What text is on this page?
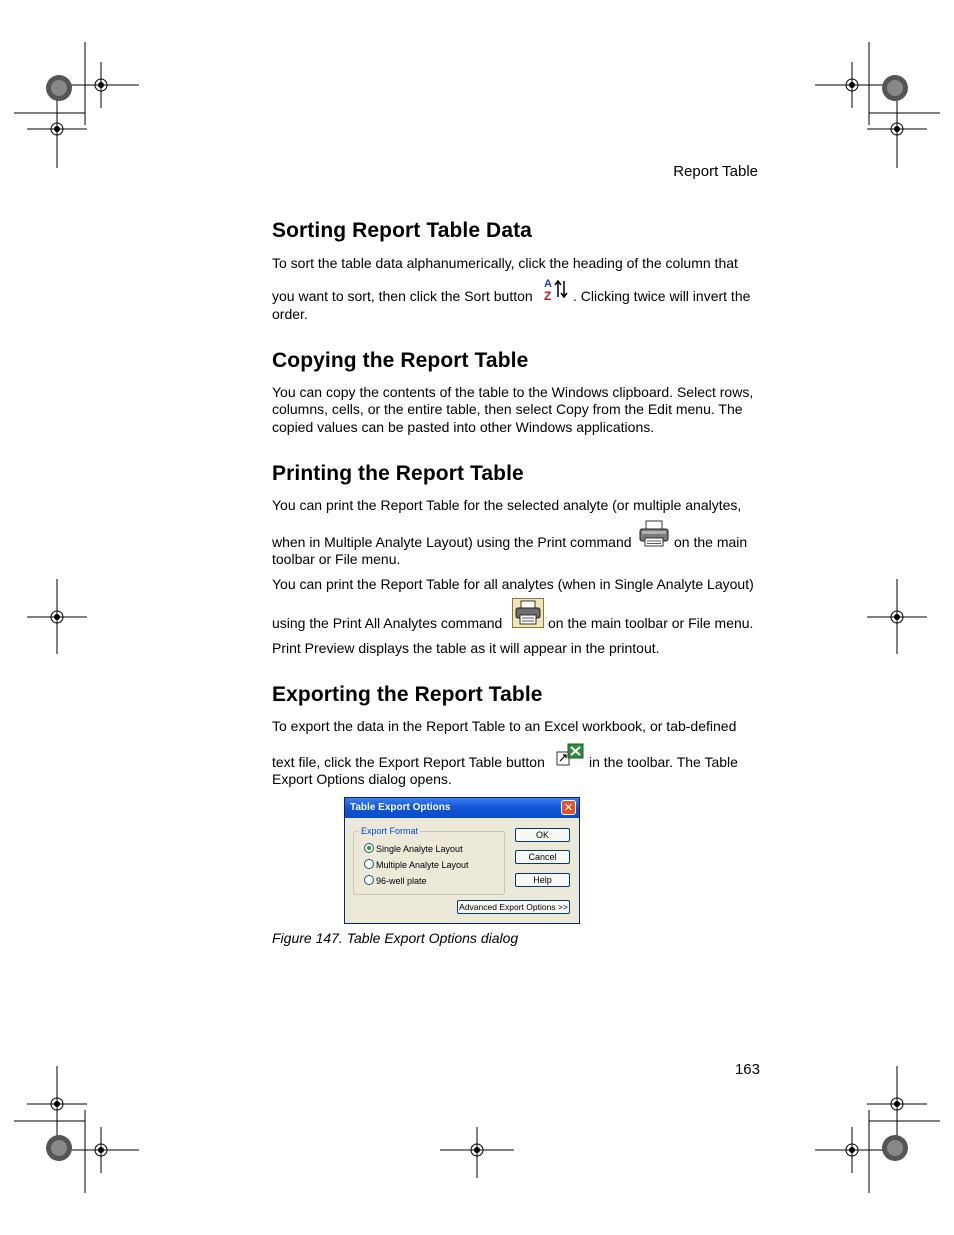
Report Table
Sorting Report Table Data
To sort the table data alphanumerically, click the heading of the column that
you want to sort, then click the Sort button
A
Z . Clicking twice will invert the
order.
Copying the Report Table
You can copy the contents of the table to the Windows clipboard. Select rows,
columns, cells, or the entire table, then select Copy from the Edit menu. The
copied values can be pasted into other Windows applications.
Printing the Report Table
You can print the Report Table for the selected analyte (or multiple analytes,
when in Multiple Analyte Layout) using the Print command	on the main
toolbar or File menu.
You can print the Report Table for all analytes (when in Single Analyte Layout)
using the Print All Analytes command	on the main toolbar or File menu.
Print Preview displays the table as it will appear in the printout.
Exporting the Report Table
To export the data in the Report Table to an Excel workbook, or tab-defined
text file, click the Export Report Table button	in the toolbar. The Table
Export Options dialog opens.
Table Export Options	✕
Export Format
Single Analyte Layout
Multiple Analyte Layout
96-well plate
OK
Cancel
Help
Advanced Export Options >>
Figure 147. Table Export Options dialog
163
